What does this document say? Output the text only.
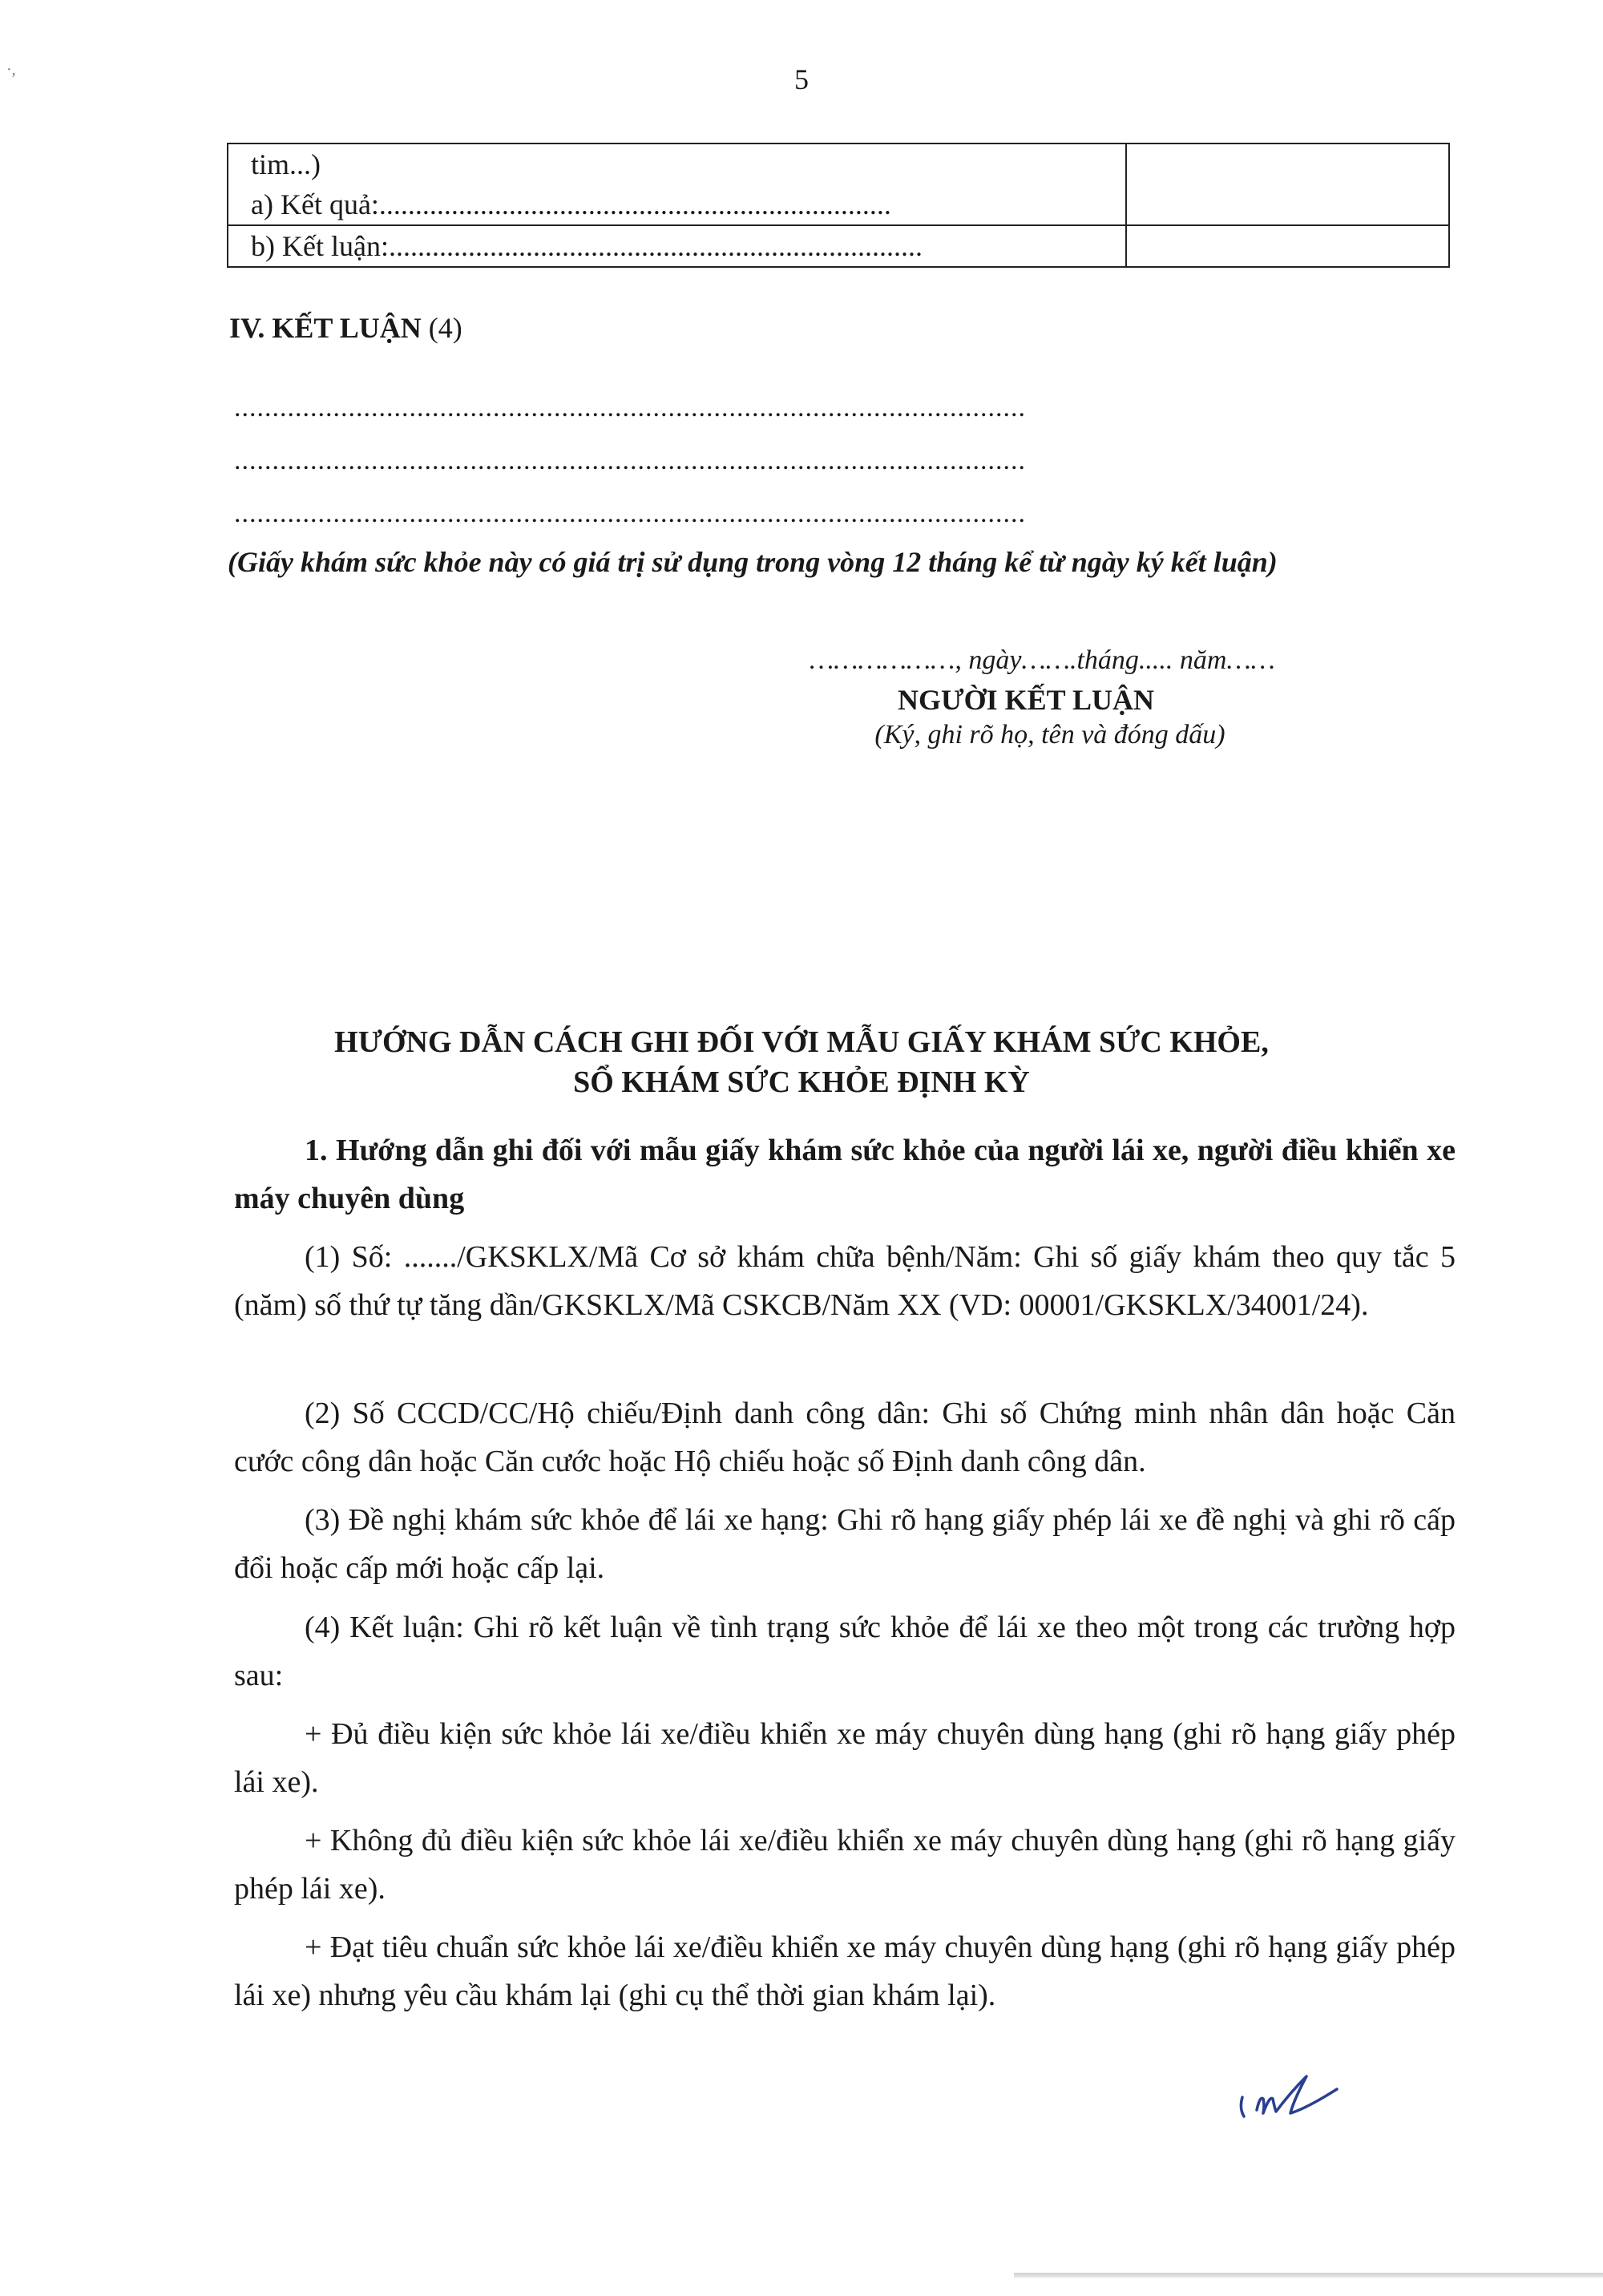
·,	5
tim...)
a) Kết quả:.......................................................................	

b) Kết luận:..........................................................................	

IV. KẾT LUẬN (4)
........................................................................................................
........................................................................................................
........................................................................................................
(Giấy khám sức khỏe này có giá trị sử dụng trong vòng 12 tháng kể từ ngày ký kết luận)
………………, ngày…….tháng..... năm……
NGƯỜI KẾT LUẬN
(Ký, ghi rõ họ, tên và đóng dấu)
HƯỚNG DẪN CÁCH GHI ĐỐI VỚI MẪU GIẤY KHÁM SỨC KHỎE,
SỔ KHÁM SỨC KHỎE ĐỊNH KỲ

1. Hướng dẫn ghi đối với mẫu giấy khám sức khỏe của người lái xe, người điều khiển xe máy chuyên dùng

(1) Số: ......./GKSKLX/Mã Cơ sở khám chữa bệnh/Năm: Ghi số giấy khám theo quy tắc 5 (năm) số thứ tự tăng dần/GKSKLX/Mã CSKCB/Năm XX (VD: 00001/GKSKLX/34001/24).

(2) Số CCCD/CC/Hộ chiếu/Định danh công dân: Ghi số Chứng minh nhân dân hoặc Căn cước công dân hoặc Căn cước hoặc Hộ chiếu hoặc số Định danh công dân.

(3) Đề nghị khám sức khỏe để lái xe hạng: Ghi rõ hạng giấy phép lái xe đề nghị và ghi rõ cấp đổi hoặc cấp mới hoặc cấp lại.

(4) Kết luận: Ghi rõ kết luận về tình trạng sức khỏe để lái xe theo một trong các trường hợp sau:

+ Đủ điều kiện sức khỏe lái xe/điều khiển xe máy chuyên dùng hạng (ghi rõ hạng giấy phép lái xe).

+ Không đủ điều kiện sức khỏe lái xe/điều khiển xe máy chuyên dùng hạng (ghi rõ hạng giấy phép lái xe).

+ Đạt tiêu chuẩn sức khỏe lái xe/điều khiển xe máy chuyên dùng hạng (ghi rõ hạng giấy phép lái xe) nhưng yêu cầu khám lại (ghi cụ thể thời gian khám lại).
